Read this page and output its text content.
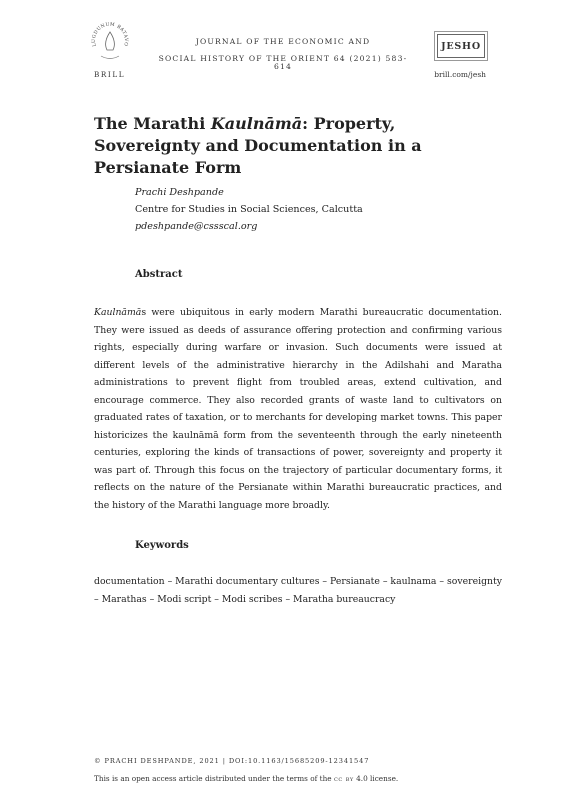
LUGDUNUM BATAVO
BRILL
JOURNAL OF THE ECONOMIC AND
SOCIAL HISTORY OF THE ORIENT 64 (2021) 583-614
JESHO
brill.com/jesh
The Marathi Kaulnāmā: Property, Sovereignty and Documentation in a Persianate Form
Prachi Deshpande
Centre for Studies in Social Sciences, Calcutta
pdeshpande@cssscal.org
Abstract
Kaulnāmās were ubiquitous in early modern Marathi bureaucratic documentation. They were issued as deeds of assurance offering protection and confirming various rights, especially during warfare or invasion. Such documents were issued at different levels of the administrative hierarchy in the Adilshahi and Maratha administrations to prevent flight from troubled areas, extend cultivation, and encourage commerce. They also recorded grants of waste land to cultivators on graduated rates of taxation, or to merchants for developing market towns. This paper historicizes the kaulnāmā form from the seventeenth through the early nineteenth centuries, exploring the kinds of transactions of power, sovereignty and property it was part of. Through this focus on the trajectory of particular documentary forms, it reflects on the nature of the Persianate within Marathi bureaucratic practices, and the history of the Marathi language more broadly.
Keywords
documentation – Marathi documentary cultures – Persianate – kaulnama – sovereignty – Marathas – Modi script – Modi scribes – Maratha bureaucracy
© PRACHI DESHPANDE, 2021 | DOI:10.1163/15685209-12341547
This is an open access article distributed under the terms of the cc by 4.0 license.
